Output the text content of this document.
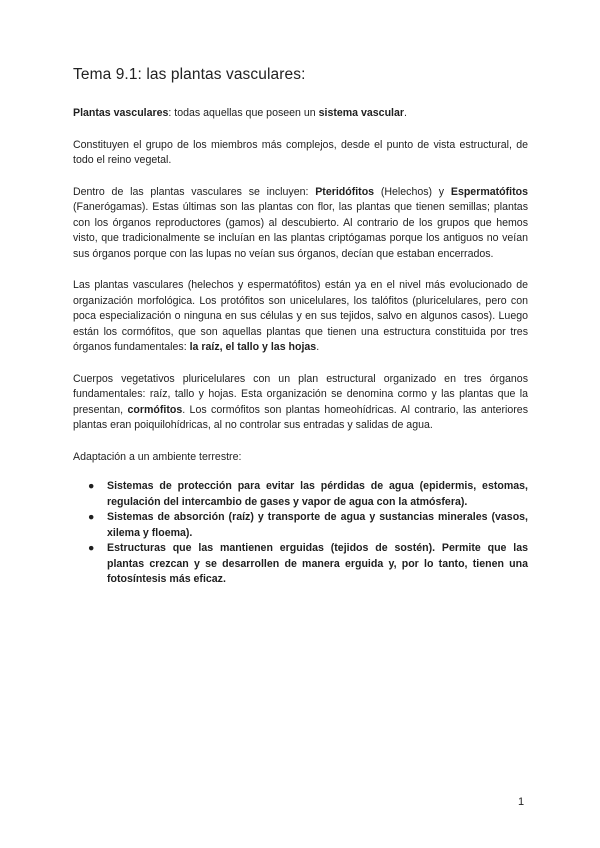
Tema 9.1: las plantas vasculares:

Plantas vasculares: todas aquellas que poseen un sistema vascular.

Constituyen el grupo de los miembros más complejos, desde el punto de vista estructural, de todo el reino vegetal.

Dentro de las plantas vasculares se incluyen: Pteridófitos (Helechos) y Espermatófitos (Fanerógamas). Estas últimas son las plantas con flor, las plantas que tienen semillas; plantas con los órganos reproductores (gamos) al descubierto. Al contrario de los grupos que hemos visto, que tradicionalmente se incluían en las plantas criptógamas porque los antiguos no veían sus órganos porque con las lupas no veían sus órganos, decían que estaban encerrados.

Las plantas vasculares (helechos y espermatófitos) están ya en el nivel más evolucionado de organización morfológica. Los protófitos son unicelulares, los talófitos (pluricelulares, pero con poca especialización o ninguna en sus células y en sus tejidos, salvo en algunos casos). Luego están los cormófitos, que son aquellas plantas que tienen una estructura constituida por tres órganos fundamentales: la raíz, el tallo y las hojas.

Cuerpos vegetativos pluricelulares con un plan estructural organizado en tres órganos fundamentales: raíz, tallo y hojas. Esta organización se denomina cormo y las plantas que la presentan, cormófitos. Los cormófitos son plantas homeohídricas. Al contrario, las anteriores plantas eran poiquilohídricas, al no controlar sus entradas y salidas de agua.

Adaptación a un ambiente terrestre:

● Sistemas de protección para evitar las pérdidas de agua (epidermis, estomas, regulación del intercambio de gases y vapor de agua con la atmósfera).
● Sistemas de absorción (raíz) y transporte de agua y sustancias minerales (vasos, xilema y floema).
● Estructuras que las mantienen erguidas (tejidos de sostén). Permite que las plantas crezcan y se desarrollen de manera erguida y, por lo tanto, tienen una fotosíntesis más eficaz.
1
